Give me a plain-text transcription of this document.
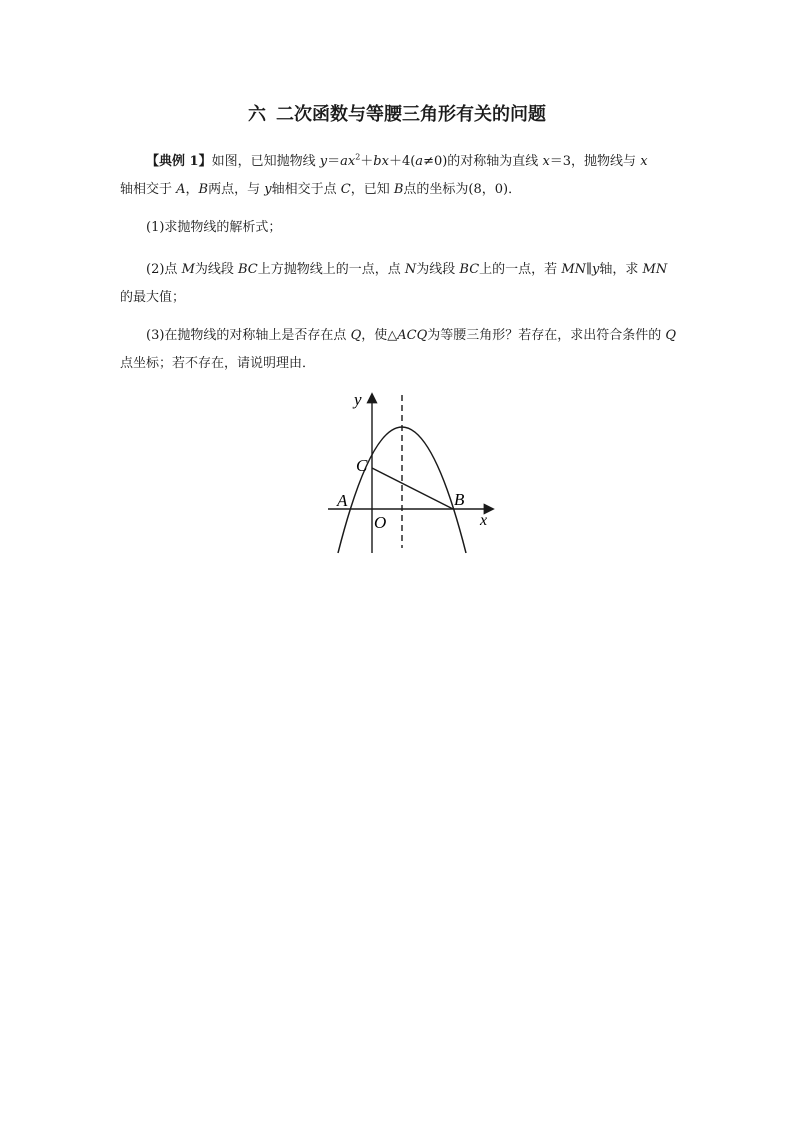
六 二次函数与等腰三角形有关的问题
【典例 1】如图，已知抛物线 $y=ax^2+bx+4(a\ne 0)$的对称轴为直线 x＝3，抛物线与 x
轴相交于 A，B两点，与 y轴相交于点 C，已知 B点的坐标为(8，0)．
(1)求抛物线的解析式；
(2)点 M为线段 BC上方抛物线上的一点，点 N为线段 BC上的一点，若 MN∥y轴，求 MN的最大值；
(3)在抛物线的对称轴上是否存在点 Q，使△ACQ为等腰三角形？若存在，求出符合条件的 Q点坐标；若不存在，请说明理由．
y
x
C
A	B
O
